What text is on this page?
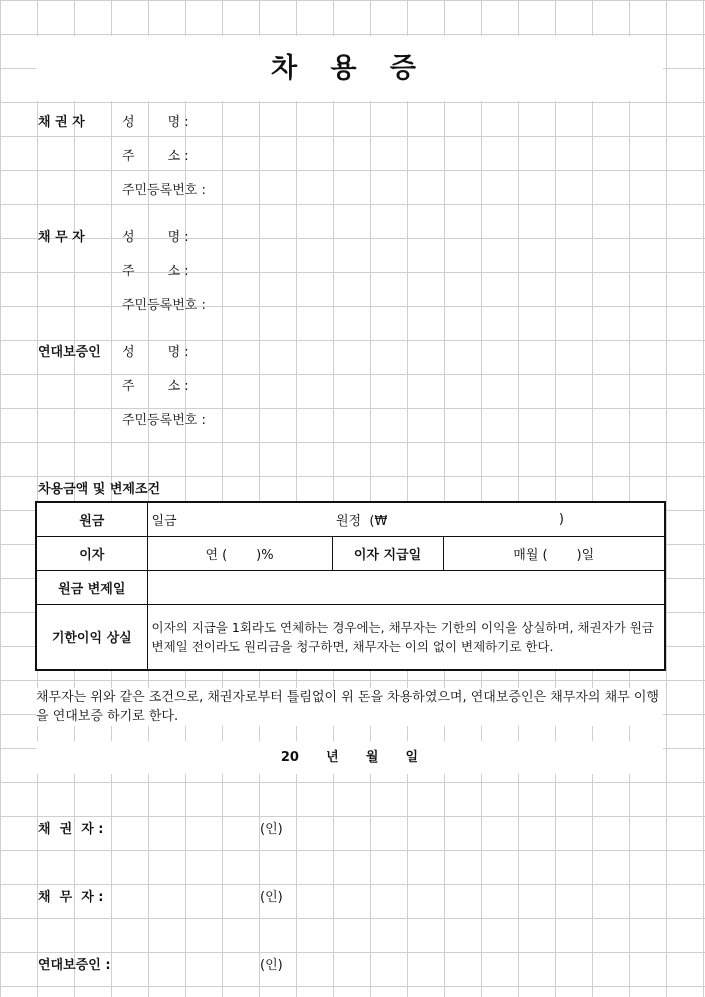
차 용 증
채 권 자	성        명 :
주        소 :
주민등록번호 :
채 무 자	성        명 :
주        소 :
주민등록번호 :
연대보증인 성        명 :
주        소 :
주민등록번호 :
차용금액 및 변제조건
원금	일금	원정  (₩	)
이자	연 (       )%	이자 지급일	매월 (       )일
원금 변제일			
기한이익 상실	이자의 지급을 1회라도 연체하는 경우에는, 채무자는 기한의 이익을 상실하며, 채권자가 원금 변제일 전이라도 원리금을 청구하면, 채무자는 이의 없이 변제하기로 한다.		
채무자는 위와 같은 조건으로, 채권자로부터 틀림없이 위 돈을 차용하였으며, 연대보증인은 채무자의 채무 이행을 연대보증 하기로 한다.
20      년      월      일
채  권  자 :	(인)
채  무  자 :	(인)
연대보증인 :	(인)
